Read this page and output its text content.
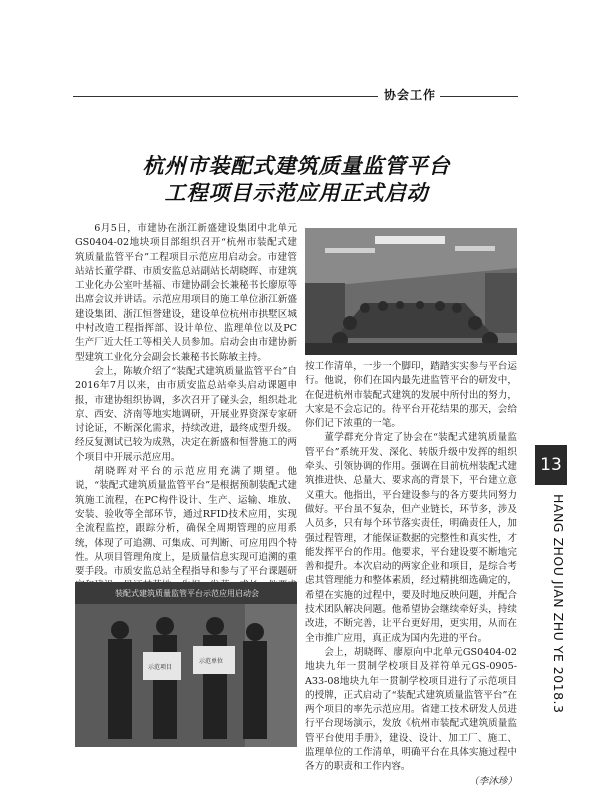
协会工作
杭州市装配式建筑质量监管平台
工程项目示范应用正式启动

6月5日，市建协在浙江新盛建设集团中北单元GS0404-02地块项目部组织召开“杭州市装配式建筑质量监管平台”工程项目示范应用启动会。市建管站站长董学群、市质安监总站副站长胡晓晖、市建筑工业化办公室叶基福、市建协副会长兼秘书长廖原等出席会议并讲话。示范应用项目的施工单位浙江新盛建设集团、浙江恒誉建设，建设单位杭州市拱墅区城中村改造工程指挥部、设计单位、监理单位以及PC生产厂近大任工等相关人员参加。启动会由市建协新型建筑工业化分会副会长兼秘书长陈敏主持。

会上，陈敏介绍了“装配式建筑质量监管平台”自2016年7月以来，由市质安监总站牵头启动课题申报，市建协组织协调，多次召开了碰头会，组织赴北京、西安、济南等地实地调研，开展业界资深专家研讨论证，不断深化需求，持续改进，最终成型升级。经反复测试已较为成熟，决定在新盛和恒誉施工的两个项目中开展示范应用。

胡晓晖对平台的示范应用充满了期望。他说，“装配式建筑质量监管平台”是根据预制装配式建筑施工流程，在PC构件设计、生产、运输、堆放、安装、验收等全部环节，通过RFID技术应用，实现全流程监控，跟踪分析，确保全周期管理的应用系统，体现了可追溯、可集成、可判断、可应用四个特性。从项目管理角度上，是质量信息实现可追溯的重要手段。市质安监总站全程指导和参与了平台课题研

装配式建筑质量监管平台示范应用启动会
示范项目
示范单位

按工作清单，一步一个脚印，踏踏实实参与平台运行。他说，你们在国内最先进监管平台的研发中，在促进杭州市装配式建筑的发展中所付出的努力，大家是不会忘记的。待平台开花结果的那天，会给你们记下浓重的一笔。

董学群充分肯定了协会在“装配式建筑质量监管平台”系统开发、深化、转版升级中发挥的组织牵头、引领协调的作用。强调在目前杭州装配式建筑推进快、总量大、要求高的背景下，平台建立意义重大。他指出，平台建设参与的各方要共同努力做好。平台虽不复杂，但产业链长，环节多，涉及人员多，只有每个环节落实责任，明确责任人，加强过程管理，才能保证数据的完整性和真实性，才能发挥平台的作用。他要求，平台建设要不断地完善和提升。本次启动的两家企业和项目，是综合考虑其管理能力和整体素质，经过精挑细选确定的，希望在实施的过程中，要及时地反映问题，并配合技术团队解决问题。他希望协会继续牵好头，持续改进，不断完善，让平台更好用，更实用，从而在全市推广应用，真正成为国内先进的平台。

会上，胡晓晖、廖原向中北单元GS0404-02地块九年一贯制学校项目及祥符单元GS-0905-A33-08地块九年一贯制学校项目进行了示范项目的授牌，正式启动了“装配式建筑质量监管平台”在两个项目的率先示范应用。省建工技术研发人员进行平台现场演示，发放《杭州市装配式建筑质量监管平台使用手册》，建设、设计、加工厂、施工、监理单位的工作清单，明确平台在具体实施过程中各方的职责和工作内容。

（李沐珍）
13
HANG ZHOU JIAN ZHU YE 2018.3
